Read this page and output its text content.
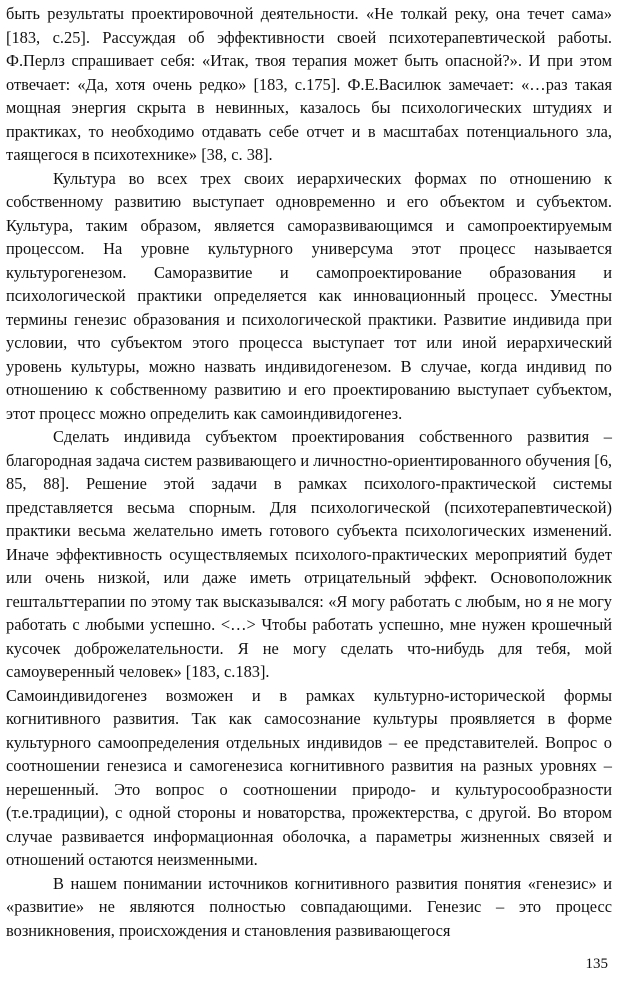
быть результаты проектировочной деятельности. «Не толкай реку, она течет сама» [183, с.25]. Рассуждая об эффективности своей психотерапевтической работы. Ф.Перлз спрашивает себя: «Итак, твоя терапия может быть опасной?». И при этом отвечает: «Да, хотя очень редко» [183, с.175]. Ф.Е.Василюк замечает: «…раз такая мощная энергия скрыта в невинных, казалось бы психологических штудиях и практиках, то необходимо отдавать себе отчет и в масштабах потенциального зла, таящегося в психотехнике» [38, с. 38].

Культура во всех трех своих иерархических формах по отношению к собственному развитию выступает одновременно и его объектом и субъектом. Культура, таким образом, является саморазвивающимся и самопроектируемым процессом. На уровне культурного универсума этот процесс называется культурогенезом. Саморазвитие и самопроектирование образования и психологической практики определяется как инновационный процесс. Уместны термины генезис образования и психологической практики. Развитие индивида при условии, что субъектом этого процесса выступает тот или иной иерархический уровень культуры, можно назвать индивидогенезом. В случае, когда индивид по отношению к собственному развитию и его проектированию выступает субъектом, этот процесс можно определить как самоиндивидогенез.

Сделать индивида субъектом проектирования собственного развития – благородная задача систем развивающего и личностно-ориентированного обучения [6, 85, 88]. Решение этой задачи в рамках психолого-практической системы представляется весьма спорным. Для психологической (психотерапевтической) практики весьма желательно иметь готового субъекта психологических изменений. Иначе эффективность осуществляемых психолого-практических мероприятий будет или очень низкой, или даже иметь отрицательный эффект. Основоположник гештальттерапии по этому так высказывался: «Я могу работать с любым, но я не могу работать с любыми успешно. <…> Чтобы работать успешно, мне нужен крошечный кусочек доброжелательности. Я не могу сделать что-нибудь для тебя, мой самоуверенный человек» [183, с.183].

Самоиндивидогенез возможен и в рамках культурно-исторической формы когнитивного развития. Так как самосознание культуры проявляется в форме культурного самоопределения отдельных индивидов – ее представителей. Вопрос о соотношении генезиса и самогенезиса когнитивного развития на разных уровнях – нерешенный. Это вопрос о соотношении природо- и культуросообразности (т.е.традиции), с одной стороны и новаторства, прожектерства, с другой. Во втором случае развивается информационная оболочка, а параметры жизненных связей и отношений остаются неизменными.

В нашем понимании источников когнитивного развития понятия «генезис» и «развитие» не являются полностью совпадающими. Генезис – это процесс возникновения, происхождения и становления развивающегося

135
